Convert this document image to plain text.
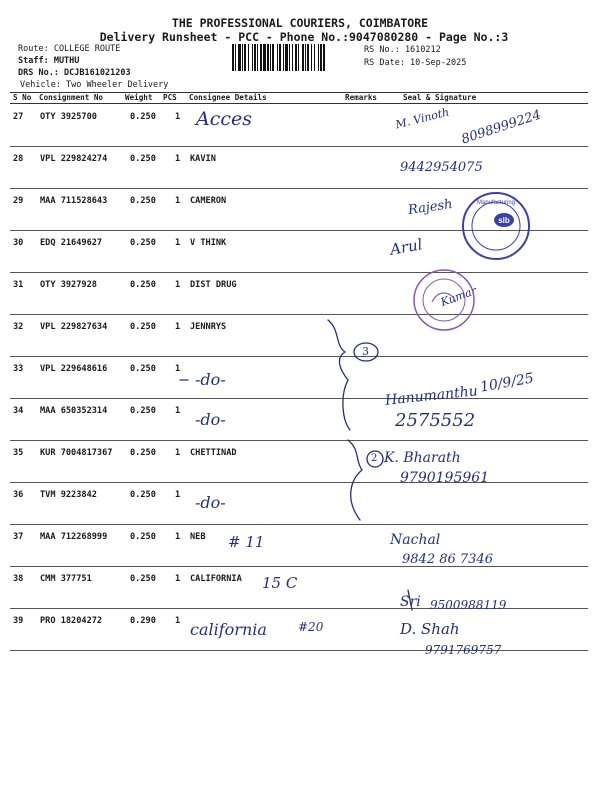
THE PROFESSIONAL COURIERS, COIMBATORE
Delivery Runsheet - PCC - Phone No.:9047080280 - Page No.:3
Route: COLLEGE ROUTE
Staff: MUTHU
DRS No.: DCJB161021203
Vehicle: Two Wheeler Delivery
RS No.: 1610212
RS Date: 10-Sep-2025
S No Consignment No	Weight PCS Consignee Details	Remarks	Seal & Signature
27 OTY 3925700	0.250 1
28 VPL 229824274	0.250 1 KAVIN
29 MAA 711528643	0.250 1 CAMERON
30 EDQ 21649627	0.250 1 V THINK
31 OTY 3927928	0.250 1 DIST DRUG
32 VPL 229827634	0.250 1 JENNRYS
33 VPL 229648616	0.250 1
34 MAA 650352314	0.250 1
35 KUR 7004817367 0.250 1 CHETTINAD
36 TVM 9223842	0.250 1
37 MAA 712268999	0.250 1 NEB
38 CMM 377751	0.250 1 CALIFORNIA
39 PRO 18204272	0.290 1
Acces	M. Vinoth 8098999224
9442954075
Rajesh
Arul
Kumar
-do-
-do-
-do-
Hanumanthu
10/9/25
2575552
K. Bharath
9790195961
# 11	Nachal
9842 86 7346
15 C
Sri 9500988119
california	#20	D. Shah
9791769757
3
2
slb
Manufacturing
